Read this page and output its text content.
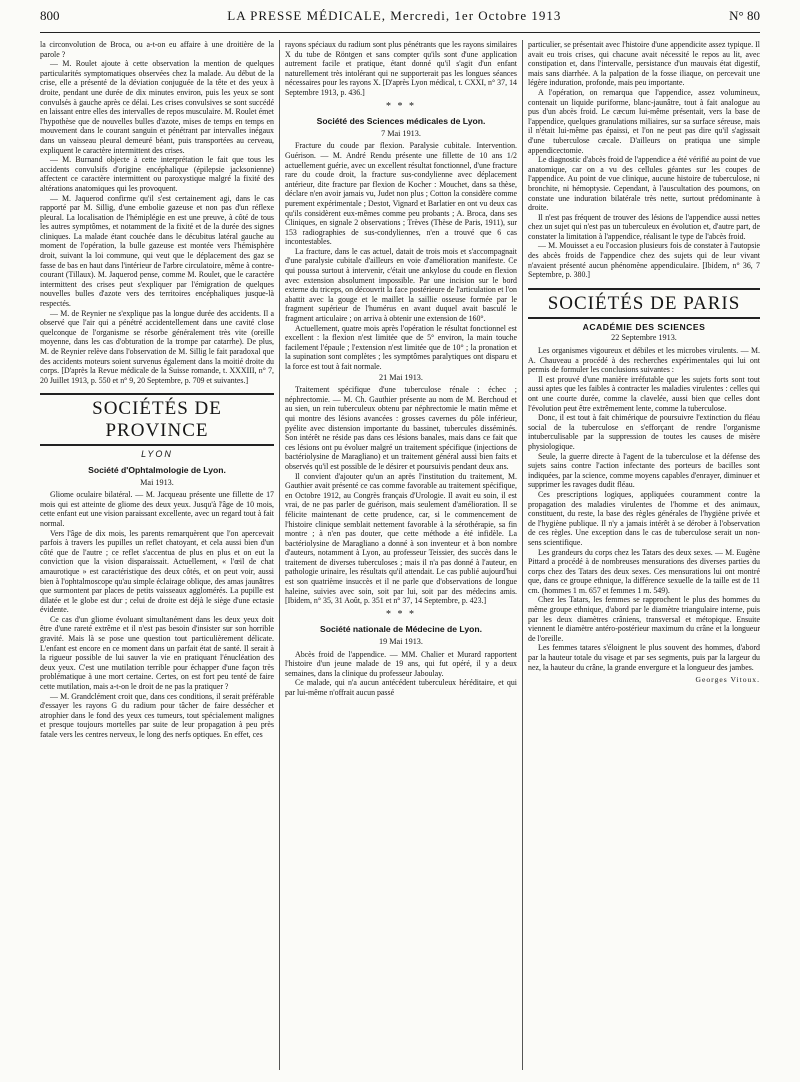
800	LA PRESSE MÉDICALE, Mercredi, 1er Octobre 1913	N° 80

la circonvolution de Broca, ou a-t-on eu affaire à une droitière de la parole ?

— M. Roulet ajoute à cette observation la mention de quelques particularités symptomatiques observées chez la malade. Au début de la crise, elle a présenté de la déviation conjuguée de la tête et des yeux à droite, pendant une durée de dix minutes environ, puis les yeux se sont convulsés à gauche après ce délai. Les crises convulsives se sont succédé en laissant entre elles des intervalles de repos musculaire. M. Roulet émet l'hypothèse que de nouvelles bulles d'azote, mises de temps en temps en mouvement dans le courant sanguin et pénétrant par intervalles inégaux dans un vaisseau pleural demeuré béant, puis transportées au cerveau, expliquent le caractère intermittent des crises.

— M. Burnand objecte à cette interprétation le fait que tous les accidents convulsifs d'origine encéphalique (épilepsie jacksonienne) affectent ce caractère intermittent ou paroxystique malgré la fixité des altérations anatomiques qui les provoquent.

— M. Jaquerod confirme qu'il s'est certainement agi, dans le cas rapporté par M. Sillig, d'une embolie gazeuse et non pas d'un réflexe pleural. La localisation de l'hémiplégie en est une preuve, à côté de tous les autres symptômes, et notamment de la fixité et de la durée des signes cliniques. La malade étant couchée dans le décubitus latéral gauche au moment de l'opération, la bulle gazeuse est montée vers l'hémisphère droit, suivant la loi commune, qui veut que le déplacement des gaz se fasse de bas en haut dans l'intérieur de l'arbre circulatoire, même à contre-courant (Tillaux). M. Jaquerod pense, comme M. Roulet, que le caractère intermittent des crises peut s'expliquer par l'émigration de quelques nouvelles bulles d'azote vers des territoires encéphaliques jusque-là respectés.

— M. de Reynier ne s'explique pas la longue durée des accidents. Il a observé que l'air qui a pénétré accidentellement dans une cavité close quelconque de l'organisme se résorbe généralement très vite (oreille moyenne, dans les cas d'obturation de la trompe par catarrhe). De plus, M. de Reynier relève dans l'observation de M. Sillig le fait paradoxal que des accidents moteurs soient survenus également dans la moitié droite du corps. [D'après la Revue médicale de la Suisse romande, t. XXXIII, n° 7, 20 Juillet 1913, p. 550 et n° 9, 20 Septembre, p. 709 et suivantes.]

SOCIÉTÉS DE PROVINCE
LYON
Société d'Ophtalmologie de Lyon.
Mai 1913.

Gliome oculaire bilatéral. — M. Jacqueau présente une fillette de 17 mois qui est atteinte de gliome des deux yeux. Jusqu'à l'âge de 10 mois, cette enfant eut une vision paraissant excellente, avec un regard tout à fait normal.

Vers l'âge de dix mois, les parents remarquèrent que l'on apercevait parfois à travers les pupilles un reflet chatoyant, et cela aussi bien d'un côté que de l'autre ; ce reflet s'accentua de plus en plus et on eut la conviction que la vision disparaissait. Actuellement, « l'œil de chat amaurotique » est caractéristique des deux côtés, et on peut voir, aussi bien à l'ophtalmoscope qu'au simple éclairage oblique, des amas jaunâtres que surmontent par places de petits vaisseaux agglomérés. La pupille est dilatée et le globe est dur ; celui de droite est déjà le siège d'une ectasie évidente.

Ce cas d'un gliome évoluant simultanément dans les deux yeux doit être d'une rareté extrême et il n'est pas besoin d'insister sur son horrible gravité. Mais là se pose une question tout particulièrement délicate. L'enfant est encore en ce moment dans un parfait état de santé. Il serait à la rigueur possible de lui sauver la vie en pratiquant l'énucléation des deux yeux. C'est une mutilation terrible pour échapper d'une façon très problématique à une mort certaine. Certes, on est fort peu tenté de faire cette mutilation, mais a-t-on le droit de ne pas la pratiquer ?

— M. Grandclément croit que, dans ces conditions, il serait préférable d'essayer les rayons G du radium pour tâcher de faire dessécher et atrophier dans le fond des yeux ces tumeurs, tout spécialement malignes et presque toujours mortelles par suite de leur propagation à peu près fatale vers les centres nerveux, le long des nerfs optiques. En effet, ces

rayons spéciaux du radium sont plus pénétrants que les rayons similaires X du tube de Röntgen et sans compter qu'ils sont d'une application autrement facile et pratique, étant donné qu'il s'agit d'un enfant naturellement très intolérant qui ne supporterait pas les longues séances nécessaires pour les rayons X. [D'après Lyon médical, t. CXXI, n° 37, 14 Septembre 1913, p. 436.]

* * *
Société des Sciences médicales de Lyon.
7 Mai 1913.

Fracture du coude par flexion. Paralysie cubitale. Intervention. Guérison. — M. André Rendu présente une fillette de 10 ans 1/2 actuellement guérie, avec un excellent résultat fonctionnel, d'une fracture rare du coude droit, la fracture sus-condylienne avec déplacement antérieur, dite fracture par flexion de Kocher : Mouchet, dans sa thèse, déclare n'en avoir jamais vu, Judet non plus ; Cotton la considère comme purement expérimentale ; Destot, Vignard et Barlatier en ont vu deux cas qu'ils considèrent eux-mêmes comme peu probants ; A. Broca, dans ses Cliniques, en signale 2 observations ; Trèves (Thèse de Paris, 1911), sur 153 radiographies de sus-condyliennes, n'en a trouvé que 6 cas incontestables.

La fracture, dans le cas actuel, datait de trois mois et s'accompagnait d'une paralysie cubitale d'ailleurs en voie d'amélioration manifeste. Ce qui poussa surtout à intervenir, c'était une ankylose du coude en flexion avec extension absolument impossible. Par une incision sur le bord externe du triceps, on découvrit la face postérieure de l'articulation et l'on abattit avec la gouge et le maillet la saillie osseuse formée par le fragment supérieur de l'humérus en avant duquel avait basculé le fragment articulaire ; on arriva à obtenir une extension de 160°.

Actuellement, quatre mois après l'opération le résultat fonctionnel est excellent : la flexion n'est limitée que de 5° environ, la main touche facilement l'épaule ; l'extension n'est limitée que de 10° ; la pronation et la supination sont complètes ; les symptômes paralytiques ont disparu et la force est tout à fait normale.

21 Mai 1913.

Traitement spécifique d'une tuberculose rénale : échec ; néphrectomie. — M. Ch. Gauthier présente au nom de M. Berchoud et au sien, un rein tuberculeux obtenu par néphrectomie le matin même et qui montre des lésions avancées : grosses cavernes du pôle inférieur, pyélite avec distension importante du bassinet, tubercules disséminés. Son intérêt ne réside pas dans ces lésions banales, mais dans ce fait que ces lésions ont pu évoluer malgré un traitement spécifique (injections de bactériolysine de Maragliano) et un traitement général aussi bien faits et observés qu'il est possible de le désirer et poursuivis pendant deux ans.

Il convient d'ajouter qu'un an après l'institution du traitement, M. Gauthier avait présenté ce cas comme favorable au traitement spécifique, en Octobre 1912, au Congrès français d'Urologie. Il avait eu soin, il est vrai, de ne pas parler de guérison, mais seulement d'amélioration. Il se félicite maintenant de cette prudence, car, si le commencement de l'histoire clinique semblait nettement favorable à la sérothérapie, sa fin montre ; à n'en pas douter, que cette méthode a été infidèle. La bactériolysine de Maragliano a donné à son inventeur et à bon nombre d'auteurs, notamment à Lyon, au professeur Teissier, des succès dans le traitement de diverses tuberculoses ; mais il n'a pas donné à l'auteur, en pathologie urinaire, les résultats qu'il attendait. Le cas publié aujourd'hui est son quatrième insuccès et il ne parle que d'observations de longue haleine, suivies avec soin, soit par lui, soit par des médecins amis. [Ibidem, n° 35, 31 Août, p. 351 et n° 37, 14 Septembre, p. 423.]

* * *
Société nationale de Médecine de Lyon.
19 Mai 1913.

Abcès froid de l'appendice. — MM. Chalier et Murard rapportent l'histoire d'un jeune malade de 19 ans, qui fut opéré, il y a deux semaines, dans la clinique du professeur Jaboulay.

Ce malade, qui n'a aucun antécédent tuberculeux héréditaire, et qui par lui-même n'offrait aucun passé

particulier, se présentait avec l'histoire d'une appendicite assez typique. Il avait eu trois crises, qui chacune avait nécessité le repos au lit, avec constipation et, dans l'intervalle, persistance d'un mauvais état digestif, mais sans diarrhée. A la palpation de la fosse iliaque, on percevait une légère induration, profonde, mais peu importante.

A l'opération, on remarqua que l'appendice, assez volumineux, contenait un liquide puriforme, blanc-jaunâtre, tout à fait analogue au pus d'un abcès froid. Le cæcum lui-même présentait, vers la base de l'appendice, quelques granulations miliaires, sur sa surface séreuse, mais il n'était lui-même pas épaissi, et l'on ne peut pas dire qu'il s'agissait d'une tuberculose cæcale. D'ailleurs on pratiqua une simple appendicectomie.

Le diagnostic d'abcès froid de l'appendice a été vérifié au point de vue anatomique, car on a vu des cellules géantes sur les coupes de l'appendice. Au point de vue clinique, aucune histoire de tuberculose, ni bronchite, ni hémoptysie. Cependant, à l'auscultation des poumons, on constate une induration bilatérale très nette, surtout prédominante à droite.

Il n'est pas fréquent de trouver des lésions de l'appendice aussi nettes chez un sujet qui n'est pas un tuberculeux en évolution et, d'autre part, de constater la limitation à l'appendice, réalisant le type de l'abcès froid.

— M. Mouisset a eu l'occasion plusieurs fois de constater à l'autopsie des abcès froids de l'appendice chez des sujets qui de leur vivant n'avaient présenté aucun phénomène appendiculaire. [Ibidem, n° 36, 7 Septembre, p. 380.]

SOCIÉTÉS DE PARIS
ACADÉMIE DES SCIENCES
22 Septembre 1913.

Les organismes vigoureux et débiles et les microbes virulents. — M. A. Chauveau a procédé à des recherches expérimentales qui lui ont permis de formuler les conclusions suivantes :

Il est prouvé d'une manière irréfutable que les sujets forts sont tout aussi aptes que les faibles à contracter les maladies virulentes : celles qui ont une courte durée, comme la clavelée, aussi bien que celles dont l'évolution peut être extrêmement lente, comme la tuberculose.

Donc, il est tout à fait chimérique de poursuivre l'extinction du fléau social de la tuberculose en s'efforçant de rendre l'organisme intuberculisable par la suppression de toutes les causes de misère physiologique.

Seule, la guerre directe à l'agent de la tuberculose et la défense des sujets sains contre l'action infectante des porteurs de bacilles sont indiquées, par la science, comme moyens capables d'enrayer, diminuer et supprimer les ravages dudit fléau.

Ces prescriptions logiques, appliquées couramment contre la propagation des maladies virulentes de l'homme et des animaux, constituent, du reste, la base des règles générales de l'hygiène privée et de l'hygiène publique. Il n'y a jamais intérêt à se dérober à l'observation de ces règles. Une exception dans le cas de tuberculose serait un non-sens scientifique.

Les grandeurs du corps chez les Tatars des deux sexes. — M. Eugène Pittard a procédé à de nombreuses mensurations des diverses parties du corps chez des Tatars des deux sexes. Ces mensurations lui ont montré que, dans ce groupe ethnique, la différence sexuelle de la taille est de 11 cm. (hommes 1 m. 657 et femmes 1 m. 549).

Chez les Tatars, les femmes se rapprochent le plus des hommes du même groupe ethnique, d'abord par le diamètre triangulaire interne, puis par les deux diamètres crâniens, transversal et métopique. Ensuite viennent le diamètre antéro-postérieur maximum du crâne et la longueur de l'oreille.

Les femmes tatares s'éloignent le plus souvent des hommes, d'abord par la hauteur totale du visage et par ses segments, puis par la largeur du nez, la hauteur du crâne, la grande envergure et la longueur des jambes.

Georges Vitoux.
